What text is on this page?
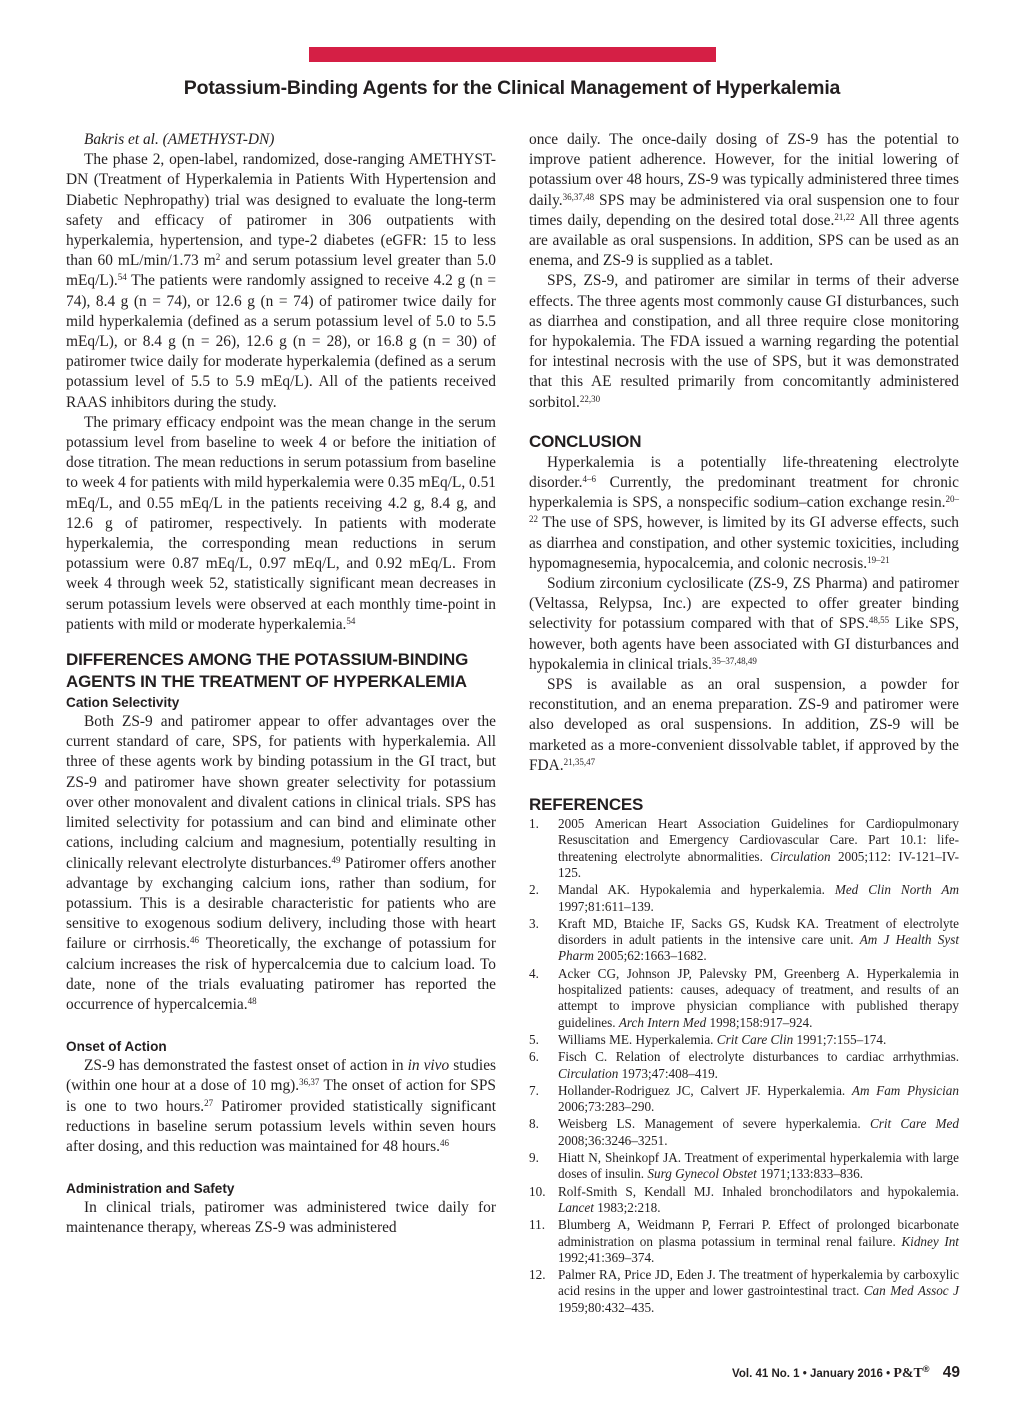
Potassium-Binding Agents for the Clinical Management of Hyperkalemia
Bakris et al. (AMETHYST-DN)

The phase 2, open-label, randomized, dose-ranging AMETHYST-DN (Treatment of Hyperkalemia in Patients With Hypertension and Diabetic Nephropathy) trial was designed to evaluate the long-term safety and efficacy of patiromer in 306 outpatients with hyperkalemia, hypertension, and type-2 diabetes (eGFR: 15 to less than 60 mL/min/1.73 $m^2$ and serum potassium level greater than 5.0 mEq/L).$^{54}$ The patients were randomly assigned to receive 4.2 g (n = 74), 8.4 g (n = 74), or 12.6 g (n = 74) of patiromer twice daily for mild hyperkalemia (defined as a serum potassium level of 5.0 to 5.5 mEq/L), or 8.4 g (n = 26), 12.6 g (n = 28), or 16.8 g (n = 30) of patiromer twice daily for moderate hyperkalemia (defined as a serum potassium level of 5.5 to 5.9 mEq/L). All of the patients received RAAS inhibitors during the study.

The primary efficacy endpoint was the mean change in the serum potassium level from baseline to week 4 or before the initiation of dose titration. The mean reductions in serum potassium from baseline to week 4 for patients with mild hyperkalemia were 0.35 mEq/L, 0.51 mEq/L, and 0.55 mEq/L in the patients receiving 4.2 g, 8.4 g, and 12.6 g of patiromer, respectively. In patients with moderate hyperkalemia, the corresponding mean reductions in serum potassium were 0.87 mEq/L, 0.97 mEq/L, and 0.92 mEq/L. From week 4 through week 52, statistically significant mean decreases in serum potassium levels were observed at each monthly time-point in patients with mild or moderate hyperkalemia.$^{54}$

DIFFERENCES AMONG THE POTASSIUM-BINDING AGENTS IN THE TREATMENT OF HYPERKALEMIA
Cation Selectivity

Both ZS-9 and patiromer appear to offer advantages over the current standard of care, SPS, for patients with hyperkalemia. All three of these agents work by binding potassium in the GI tract, but ZS-9 and patiromer have shown greater selectivity for potassium over other monovalent and divalent cations in clinical trials. SPS has limited selectivity for potassium and can bind and eliminate other cations, including calcium and magnesium, potentially resulting in clinically relevant electrolyte disturbances.$^{49}$ Patiromer offers another advantage by exchanging calcium ions, rather than sodium, for potassium. This is a desirable characteristic for patients who are sensitive to exogenous sodium delivery, including those with heart failure or cirrhosis.$^{46}$ Theoretically, the exchange of potassium for calcium increases the risk of hypercalcemia due to calcium load. To date, none of the trials evaluating patiromer has reported the occurrence of hypercalcemia.$^{48}$

Onset of Action

ZS-9 has demonstrated the fastest onset of action in in vivo studies (within one hour at a dose of 10 mg).$^{36,37}$ The onset of action for SPS is one to two hours.$^{27}$ Patiromer provided statistically significant reductions in baseline serum potassium levels within seven hours after dosing, and this reduction was maintained for 48 hours.$^{46}$

Administration and Safety

In clinical trials, patiromer was administered twice daily for maintenance therapy, whereas ZS-9 was administered

once daily. The once-daily dosing of ZS-9 has the potential to improve patient adherence. However, for the initial lowering of potassium over 48 hours, ZS-9 was typically administered three times daily.$^{36,37,48}$ SPS may be administered via oral suspension one to four times daily, depending on the desired total dose.$^{21,22}$ All three agents are available as oral suspensions. In addition, SPS can be used as an enema, and ZS-9 is supplied as a tablet.

SPS, ZS-9, and patiromer are similar in terms of their adverse effects. The three agents most commonly cause GI disturbances, such as diarrhea and constipation, and all three require close monitoring for hypokalemia. The FDA issued a warning regarding the potential for intestinal necrosis with the use of SPS, but it was demonstrated that this AE resulted primarily from concomitantly administered sorbitol.$^{22,30}$

CONCLUSION

Hyperkalemia is a potentially life-threatening electrolyte disorder.$^{4-6}$ Currently, the predominant treatment for chronic hyperkalemia is SPS, a nonspecific sodium–cation exchange resin.$^{20-22}$ The use of SPS, however, is limited by its GI adverse effects, such as diarrhea and constipation, and other systemic toxicities, including hypomagnesemia, hypocalcemia, and colonic necrosis.$^{19-21}$

Sodium zirconium cyclosilicate (ZS-9, ZS Pharma) and patiromer (Veltassa, Relypsa, Inc.) are expected to offer greater binding selectivity for potassium compared with that of SPS.$^{48,55}$ Like SPS, however, both agents have been associated with GI disturbances and hypokalemia in clinical trials.$^{35-37,48,49}$

SPS is available as an oral suspension, a powder for reconstitution, and an enema preparation. ZS-9 and patiromer were also developed as oral suspensions. In addition, ZS-9 will be marketed as a more-convenient dissolvable tablet, if approved by the FDA.$^{21,35,47}$

REFERENCES
1. 2005 American Heart Association Guidelines for Cardiopulmonary Resuscitation and Emergency Cardiovascular Care. Part 10.1: life-threatening electrolyte abnormalities. Circulation 2005;112: IV-121–IV-125.
2. Mandal AK. Hypokalemia and hyperkalemia. Med Clin North Am 1997;81:611–139.
3. Kraft MD, Btaiche IF, Sacks GS, Kudsk KA. Treatment of electrolyte disorders in adult patients in the intensive care unit. Am J Health Syst Pharm 2005;62:1663–1682.
4. Acker CG, Johnson JP, Palevsky PM, Greenberg A. Hyperkalemia in hospitalized patients: causes, adequacy of treatment, and results of an attempt to improve physician compliance with published therapy guidelines. Arch Intern Med 1998;158:917–924.
5. Williams ME. Hyperkalemia. Crit Care Clin 1991;7:155–174.
6. Fisch C. Relation of electrolyte disturbances to cardiac arrhythmias. Circulation 1973;47:408–419.
7. Hollander-Rodriguez JC, Calvert JF. Hyperkalemia. Am Fam Physician 2006;73:283–290.
8. Weisberg LS. Management of severe hyperkalemia. Crit Care Med 2008;36:3246–3251.
9. Hiatt N, Sheinkopf JA. Treatment of experimental hyperkalemia with large doses of insulin. Surg Gynecol Obstet 1971;133:833–836.
10. Rolf-Smith S, Kendall MJ. Inhaled bronchodilators and hypokalemia. Lancet 1983;2:218.
11. Blumberg A, Weidmann P, Ferrari P. Effect of prolonged bicarbonate administration on plasma potassium in terminal renal failure. Kidney Int 1992;41:369–374.
12. Palmer RA, Price JD, Eden J. The treatment of hyperkalemia by carboxylic acid resins in the upper and lower gastrointestinal tract. Can Med Assoc J 1959;80:432–435.
Vol. 41 No. 1 • January 2016 • P&T® 49
